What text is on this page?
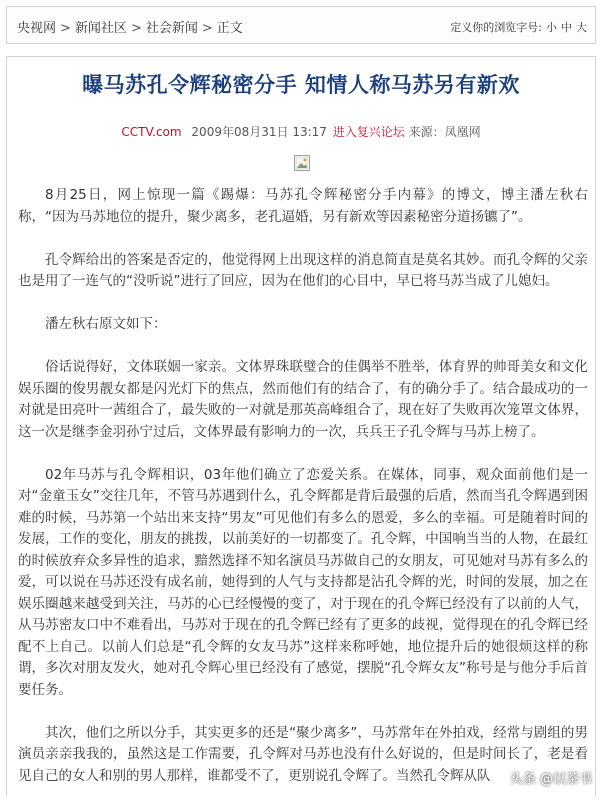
央视网 > 新闻社区 > 社会新闻 > 正文	定义你的浏览字号: 小 中 大
曝马苏孔令辉秘密分手 知情人称马苏另有新欢
CCTV.com 2009年08月31日 13:17 进入复兴论坛 来源：凤凰网

8月25日，网上惊现一篇《踢爆：马苏孔令辉秘密分手内幕》的博文，博主潘左秋右称，“因为马苏地位的提升，聚少离多，老孔逼婚，另有新欢等因素秘密分道扬镳了”。

孔令辉给出的答案是否定的，他觉得网上出现这样的消息简直是莫名其妙。而孔令辉的父亲也是用了一连气的“没听说”进行了回应，因为在他们的心目中，早已将马苏当成了儿媳妇。

潘左秋右原文如下：

俗话说得好，文体联姻一家亲。文体界珠联璧合的佳偶举不胜举，体育界的帅哥美女和文化娱乐圈的俊男靓女都是闪光灯下的焦点，然而他们有的结合了，有的确分手了。结合最成功的一对就是田亮叶一茜组合了，最失败的一对就是那英高峰组合了，现在好了失败再次笼罩文体界，这一次是继李金羽孙宁过后，文体界最有影响力的一次，兵兵王子孔令辉与马苏上榜了。

02年马苏与孔令辉相识，03年他们确立了恋爱关系。在媒体，同事，观众面前他们是一对“金童玉女”交往几年，不管马苏遇到什么，孔令辉都是背后最强的后盾，然而当孔令辉遇到困难的时候，马苏第一个站出来支持“男友”可见他们有多么的恩爱，多么的幸福。可是随着时间的发展，工作的变化，朋友的挑拨，以前美好的一切都变了。孔令辉，中国响当当的人物，在最红的时候放弃众多异性的追求，黯然选择不知名演员马苏做自己的女朋友，可见她对马苏有多么的爱，可以说在马苏还没有成名前，她得到的人气与支持都是沾孔令辉的光，时间的发展，加之在娱乐圈越来越受到关注，马苏的心已经慢慢的变了，对于现在的孔令辉已经没有了以前的人气，从马苏密友口中不难看出，马苏对于现在的孔令辉已经有了更多的歧视，觉得现在的孔令辉已经配不上自己。以前人们总是“孔令辉的女友马苏”这样来称呼她，地位提升后的她很烦这样的称谓，多次对朋友发火，她对孔令辉心里已经没有了感觉，摆脱“孔令辉女友”称号是与他分手后首要任务。

其次，他们之所以分手，其实更多的还是“聚少离多”，马苏常年在外拍戏，经常与剧组的男演员亲亲我我的，虽然这是工作需要，孔令辉对马苏也没有什么好说的，但是时间长了，老是看见自己的女人和别的男人那样，谁都受不了，更别说孔令辉了。当然孔令辉从队	头条 @以茶书
